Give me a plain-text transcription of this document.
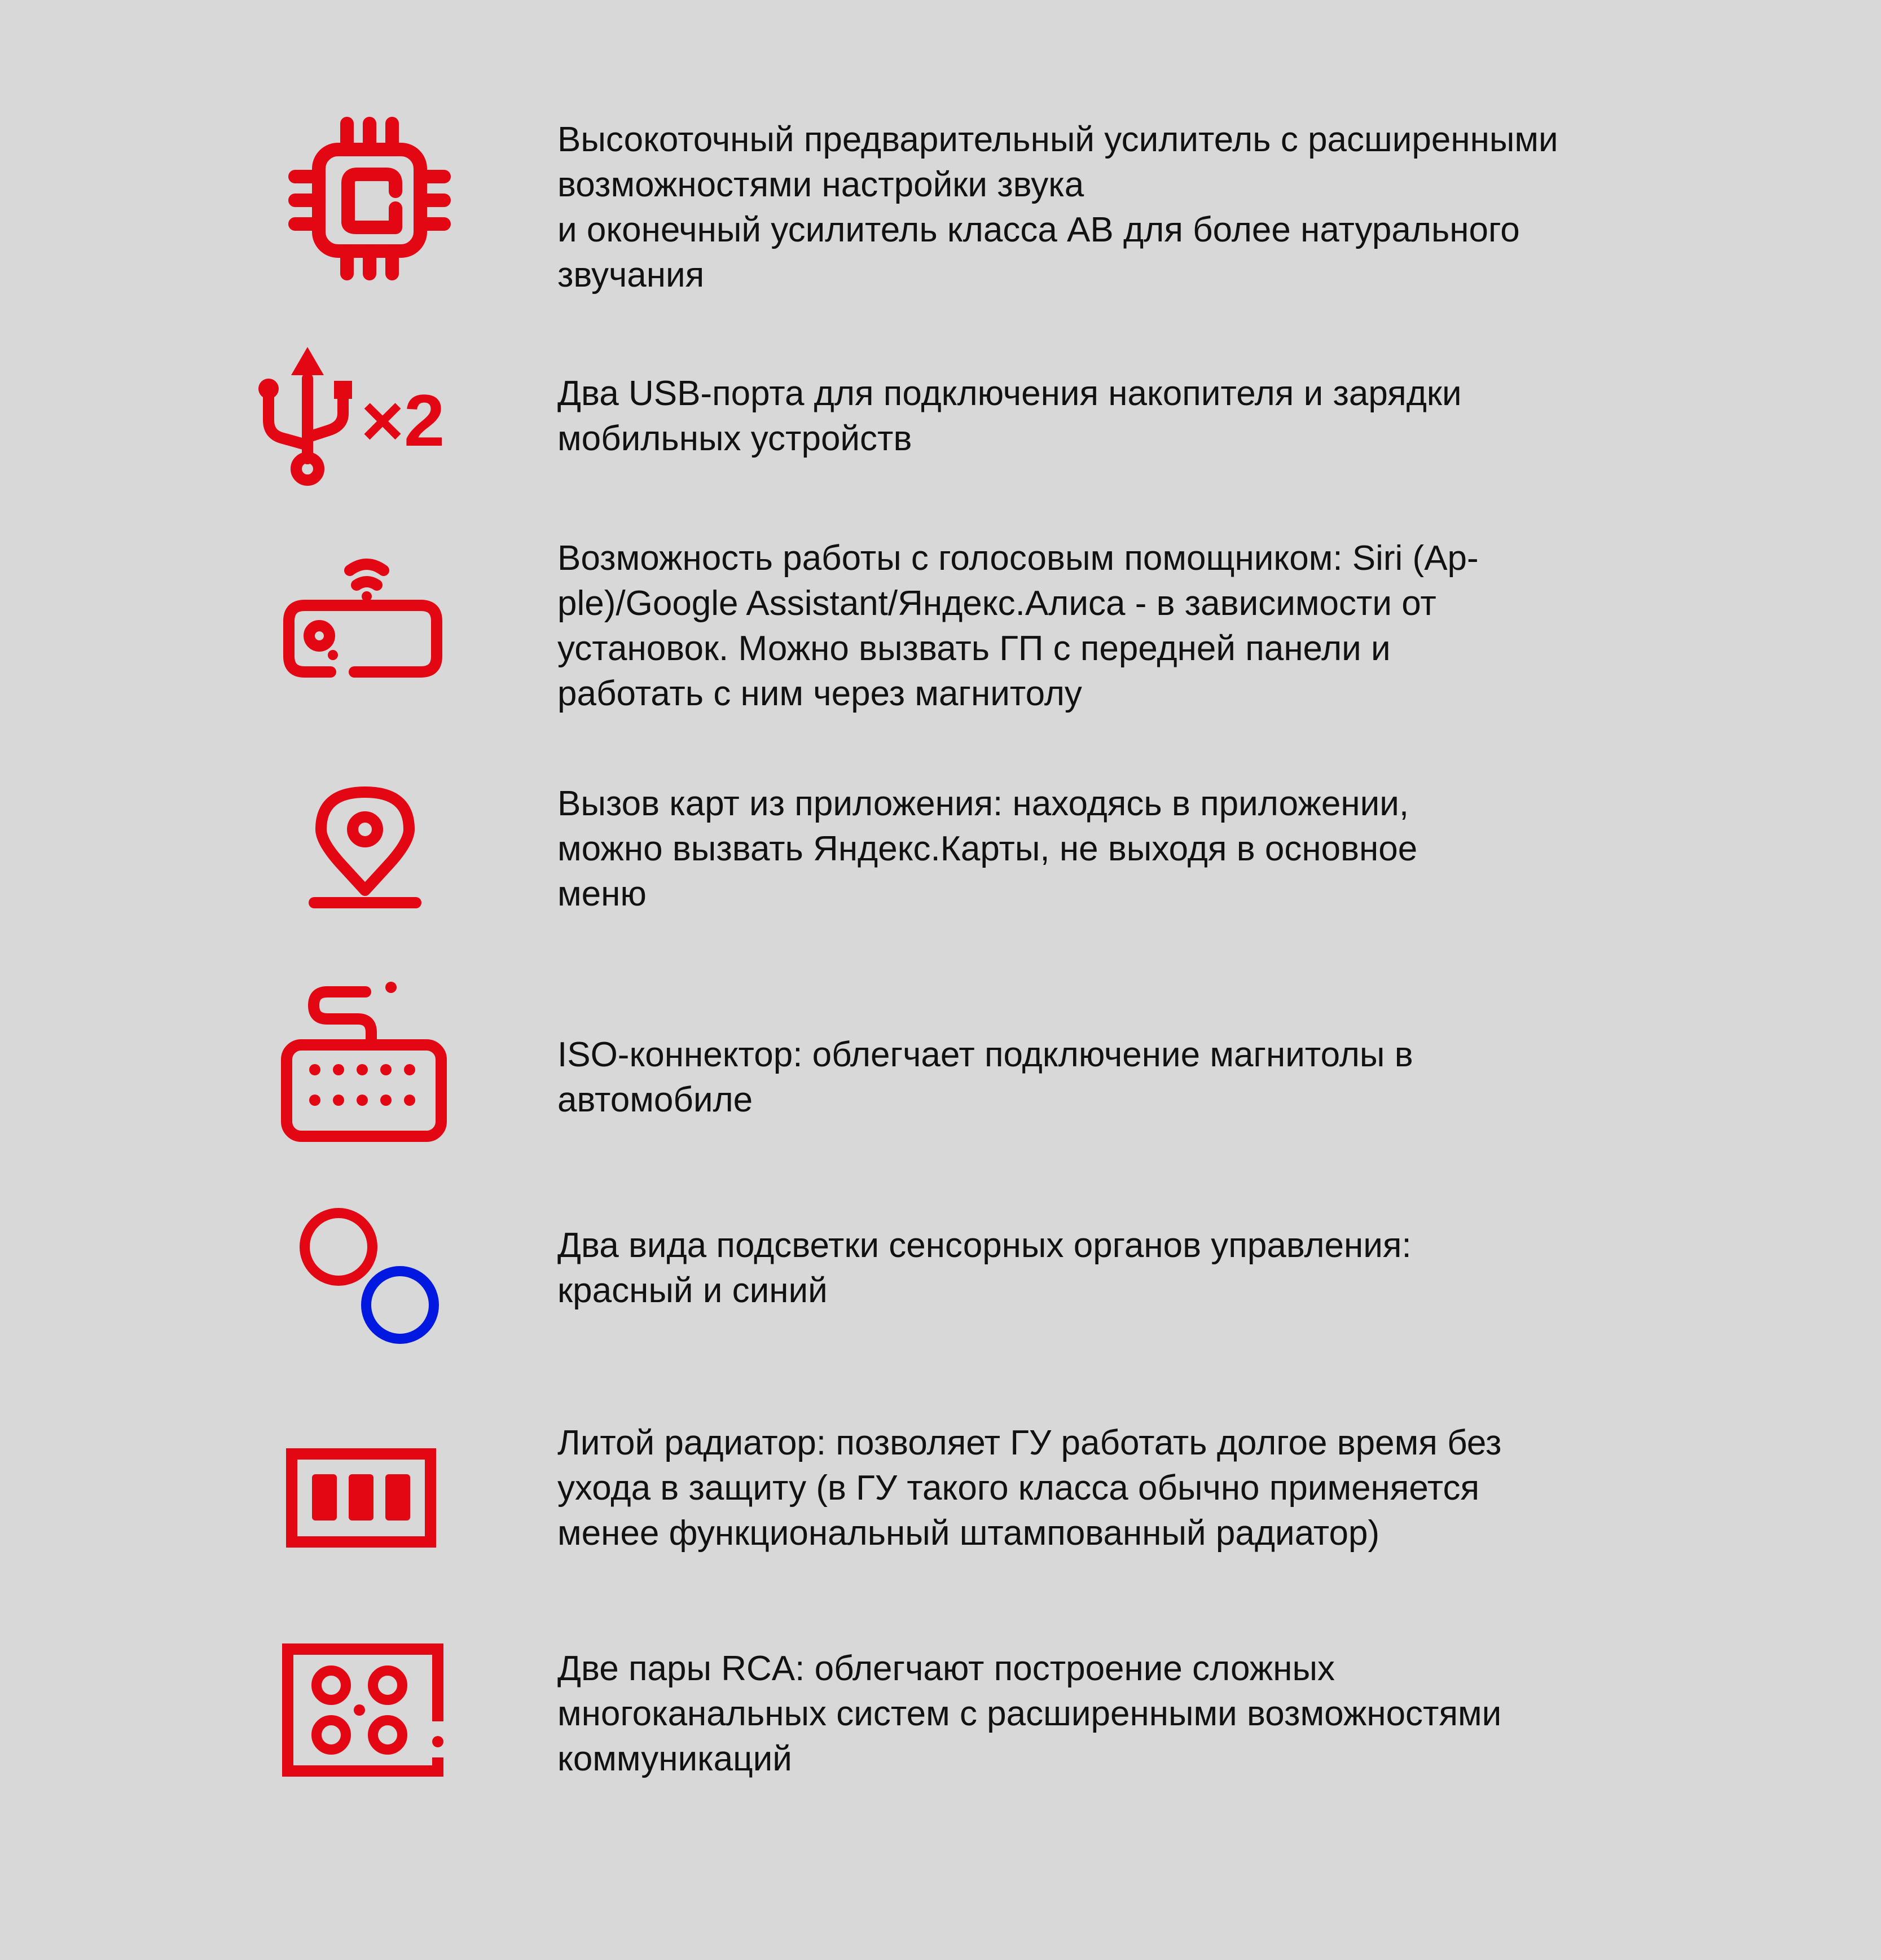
Высокоточный предварительный усилитель с расширенными
возможностями настройки звука
и оконечный усилитель класса АВ для более натурального
звучания

×2	Два USB-порта для подключения накопителя и зарядки
мобильных устройств

Возможность работы с голосовым помощником: Siri (Ap-
ple)/Google Assistant/Яндекс.Алиса - в зависимости от
установок. Можно вызвать ГП с передней панели и
работать с ним через магнитолу

Вызов карт из приложения: находясь в приложении,
можно вызвать Яндекс.Карты, не выходя в основное
меню

ISO-коннектор: облегчает подключение магнитолы в
автомобиле

Два вида подсветки сенсорных органов управления:
красный и синий

Литой радиатор: позволяет ГУ работать долгое время без
ухода в защиту (в ГУ такого класса обычно применяется
менее функциональный штампованный радиатор)

Две пары RCA: облегчают построение сложных
многоканальных систем с расширенными возможностями
коммуникаций
